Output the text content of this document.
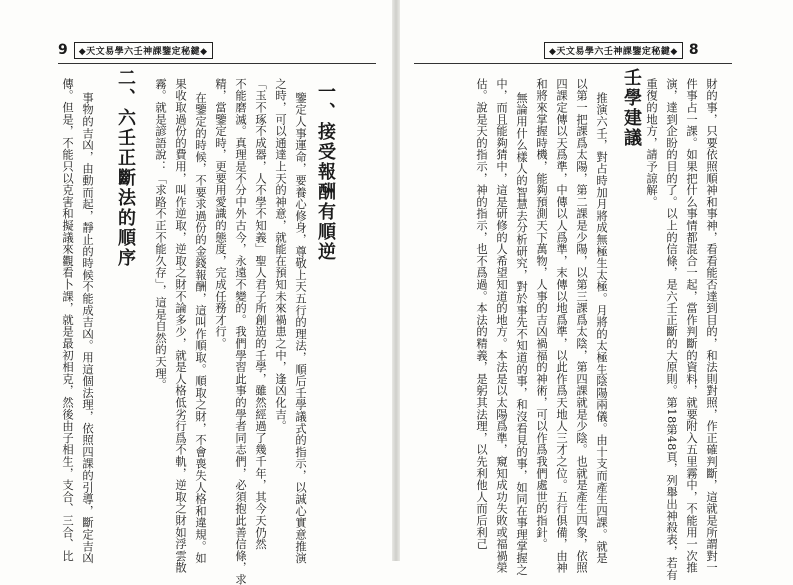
9	◆天文易學六壬神課鑒定秘鍵◆
一、接受報酬有順逆
鑒定人事運命，要養心修身，尊敬上天五行的理法，順后壬學議式的指示，以誠心實意推演
之時，可以通達上天的神意，就能在預知未來禍患之中，逢凶化吉。
「玉不琢不成器，人不學不知義」聖人君子所創造的壬學，雖然經過了幾千年，其今天仍然
不能磨滅。真理是不分中外古今，永遠不變的。我們學習此事的學者同志們，必須抱此善信條，求
精，當鑒定時，更要用愛識的態度，完成任務才行。
在鑒定的時候，不要求過份的金錢報酬，這叫作順取。順取之財，不會喪失人格和違規。如
果收取過份的費用，叫作逆取，逆取之財不論多少，就是人格低劣行爲不軌，逆取之財如浮雲散
霧。就是諺語說：「求路不正不能久存」，這是自然的天理。
二、六壬正斷法的順序
事物的吉凶，由動而起，靜止的時候不能成吉凶。用這個法理，依照四課的引導，斷定吉凶
傳。但是，不能只以克害和擬議來觀看卜課，就是最初相克，然後由子相生，支合、三合、比
◆天文易學六壬神課鑒定秘鍵◆ 8
財的事，只要依照順神和事神，看看能否達到目的，和法則對照，作正確判斷，這就是所謂對一
件事占一課。如果把什么事情都混合一起，當作判斷的資料，就要附入五里霧中，不能用一次推
演，達到企盼的目的了。以上的信條，是六壬正斷的大原則。第18第48頁，列舉出神殺表，若有
重復的地方，請予諒解。
壬學建議
推演六壬，對占時加月將成無極生太極。月將的太極生陰陽兩儀。由十支而產生四課。就是
以第一把課爲太陽，第二課是少陽，以第三課爲太陰，第四課就是少陰。也就是產生四象，依照
四課定傳以天爲準，中傳以人爲準，末傳以地爲準，以此作爲天地人三才之位。五行俱備，由神
和將來掌握時機，能夠預測天下萬物，人事的吉凶禍福的神術，可以作爲我們處世的指針。
無論用什么樣人的智慧去分析研究，對於事先不知道的事，和沒看見的事，如同在事理掌握之
中，而且能夠猜中，這是研修的人希望知道的地方。本法是以太陽爲準，窺知成功失敗或福禍榮
估。說是天的指示，神的指示，也不爲過。本法的精義，是躬其法理，以先利他人而后利己
